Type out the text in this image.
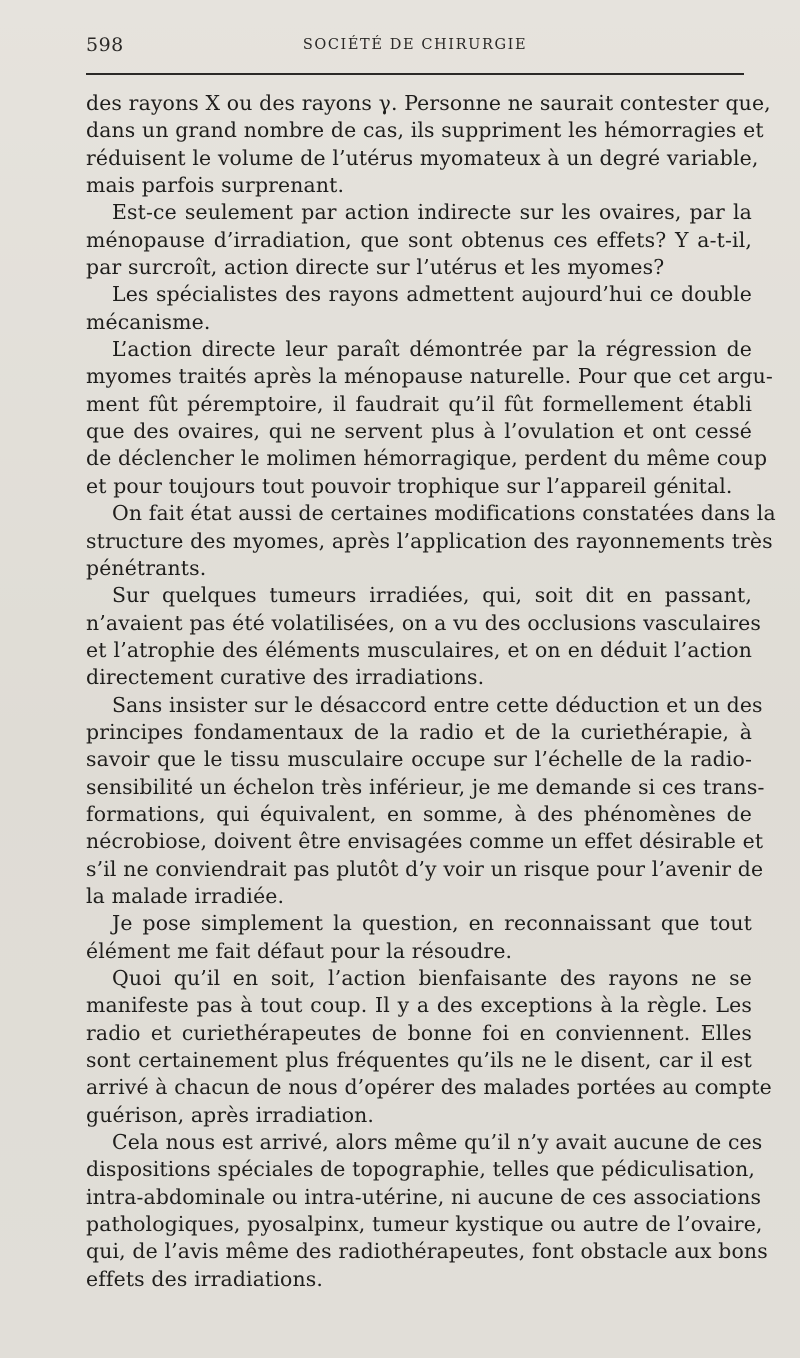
598	SOCIÉTÉ DE CHIRURGIE
des rayons X ou des rayons γ. Personne ne saurait contester que,
dans un grand nombre de cas, ils suppriment les hémorragies et
réduisent le volume de l’utérus myomateux à un degré variable,
mais parfois surprenant.
Est-ce seulement par action indirecte sur les ovaires, par la
ménopause d’irradiation, que sont obtenus ces effets? Y a-t-il,
par surcroît, action directe sur l’utérus et les myomes?
Les spécialistes des rayons admettent aujourd’hui ce double
mécanisme.
L’action directe leur paraît démontrée par la régression de
myomes traités après la ménopause naturelle. Pour que cet argu-
ment fût péremptoire, il faudrait qu’il fût formellement établi
que des ovaires, qui ne servent plus à l’ovulation et ont cessé
de déclencher le molimen hémorragique, perdent du même coup
et pour toujours tout pouvoir trophique sur l’appareil génital.
On fait état aussi de certaines modifications constatées dans la
structure des myomes, après l’application des rayonnements très
pénétrants.
Sur quelques tumeurs irradiées, qui, soit dit en passant,
n’avaient pas été volatilisées, on a vu des occlusions vasculaires
et l’atrophie des éléments musculaires, et on en déduit l’action
directement curative des irradiations.
Sans insister sur le désaccord entre cette déduction et un des
principes fondamentaux de la radio et de la curiethérapie, à
savoir que le tissu musculaire occupe sur l’échelle de la radio-
sensibilité un échelon très inférieur, je me demande si ces trans-
formations, qui équivalent, en somme, à des phénomènes de
nécrobiose, doivent être envisagées comme un effet désirable et
s’il ne conviendrait pas plutôt d’y voir un risque pour l’avenir de
la malade irradiée.
Je pose simplement la question, en reconnaissant que tout
élément me fait défaut pour la résoudre.
Quoi qu’il en soit, l’action bienfaisante des rayons ne se
manifeste pas à tout coup. Il y a des exceptions à la règle. Les
radio et curiethérapeutes de bonne foi en conviennent. Elles
sont certainement plus fréquentes qu’ils ne le disent, car il est
arrivé à chacun de nous d’opérer des malades portées au compte
guérison, après irradiation.
Cela nous est arrivé, alors même qu’il n’y avait aucune de ces
dispositions spéciales de topographie, telles que pédiculisation,
intra-abdominale ou intra-utérine, ni aucune de ces associations
pathologiques, pyosalpinx, tumeur kystique ou autre de l’ovaire,
qui, de l’avis même des radiothérapeutes, font obstacle aux bons
effets des irradiations.
